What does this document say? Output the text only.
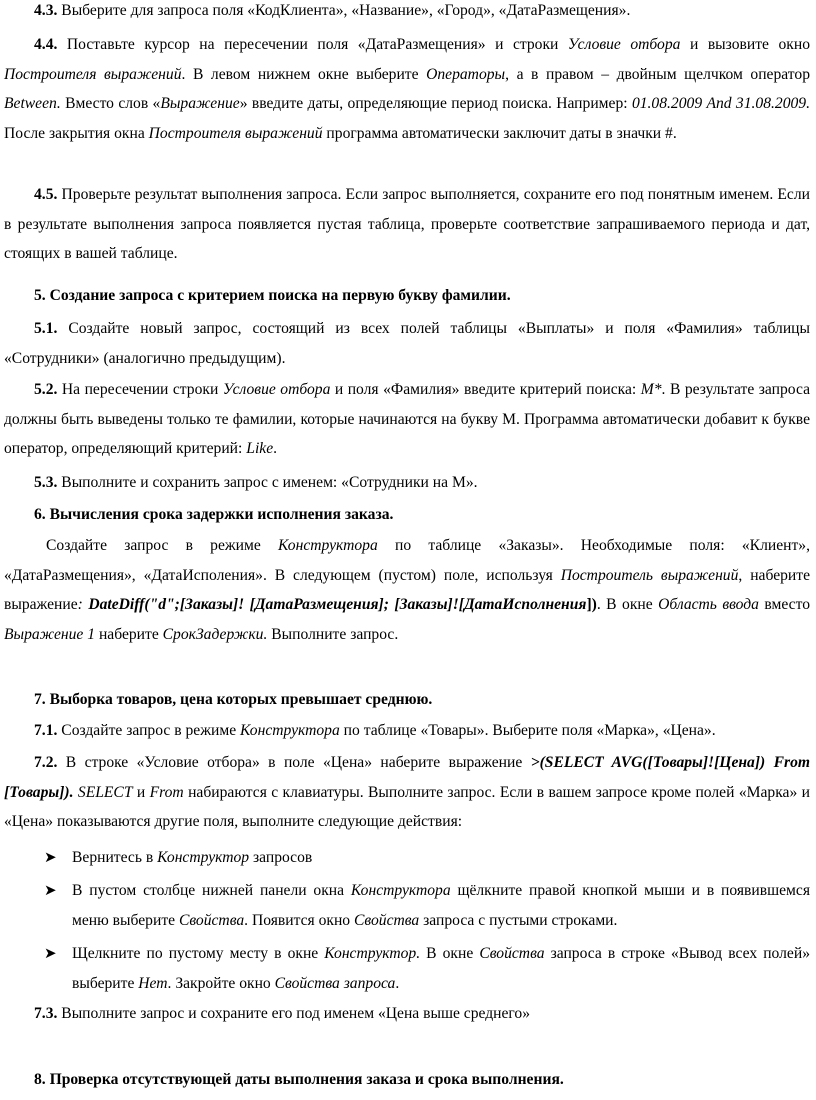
4.3. Выберите для запроса поля «КодКлиента», «Название», «Город», «ДатаРазмещения».

4.4. Поставьте курсор на пересечении поля «ДатаРазмещения» и строки Условие отбора и вызовите окно Построителя выражений. В левом нижнем окне выберите Операторы, а в правом – двойным щелчком оператор Between. Вместо слов «Выражение» введите даты, определяющие период поиска. Например: 01.08.2009 And 31.08.2009. После закрытия окна Построителя выражений программа автоматически заключит даты в значки #.

4.5. Проверьте результат выполнения запроса. Если запрос выполняется, сохраните его под понятным именем. Если в результате выполнения запроса появляется пустая таблица, проверьте соответствие запрашиваемого периода и дат, стоящих в вашей таблице.

5. Создание запроса с критерием поиска на первую букву фамилии.

5.1. Создайте новый запрос, состоящий из всех полей таблицы «Выплаты» и поля «Фамилия» таблицы «Сотрудники» (аналогично предыдущим).

5.2. На пересечении строки Условие отбора и поля «Фамилия» введите критерий поиска: М*. В результате запроса должны быть выведены только те фамилии, которые начинаются на букву М. Программа автоматически добавит к букве оператор, определяющий критерий: Like.

5.3. Выполните и сохранить запрос с именем: «Сотрудники на М».

6. Вычисления срока задержки исполнения заказа.

Создайте запрос в режиме Конструктора по таблице «Заказы». Необходимые поля: «Клиент», «ДатаРазмещения», «ДатаИсполения». В следующем (пустом) поле, используя Построитель выражений, наберите выражение: DateDiff("d";[Заказы]! [ДатаРазмещения]; [Заказы]![ДатаИсполнения]). В окне Область ввода вместо Выражение 1 наберите СрокЗадержки. Выполните запрос.

7. Выборка товаров, цена которых превышает среднюю.

7.1. Создайте запрос в режиме Конструктора по таблице «Товары». Выберите поля «Марка», «Цена».

7.2. В строке «Условие отбора» в поле «Цена» наберите выражение >(SELECT AVG([Товары]![Цена]) From [Товары]). SELECT и From набираются с клавиатуры. Выполните запрос. Если в вашем запросе кроме полей «Марка» и «Цена» показываются другие поля, выполните следующие действия:

➤ Вернитесь в Конструктор запросов
➤ В пустом столбце нижней панели окна Конструктора щёлкните правой кнопкой мыши и в появившемся меню выберите Свойства. Появится окно Свойства запроса с пустыми строками.
➤ Щелкните по пустому месту в окне Конструктор. В окне Свойства запроса в строке «Вывод всех полей» выберите Нет. Закройте окно Свойства запроса.

7.3. Выполните запрос и сохраните его под именем «Цена выше среднего»

8. Проверка отсутствующей даты выполнения заказа и срока выполнения.
